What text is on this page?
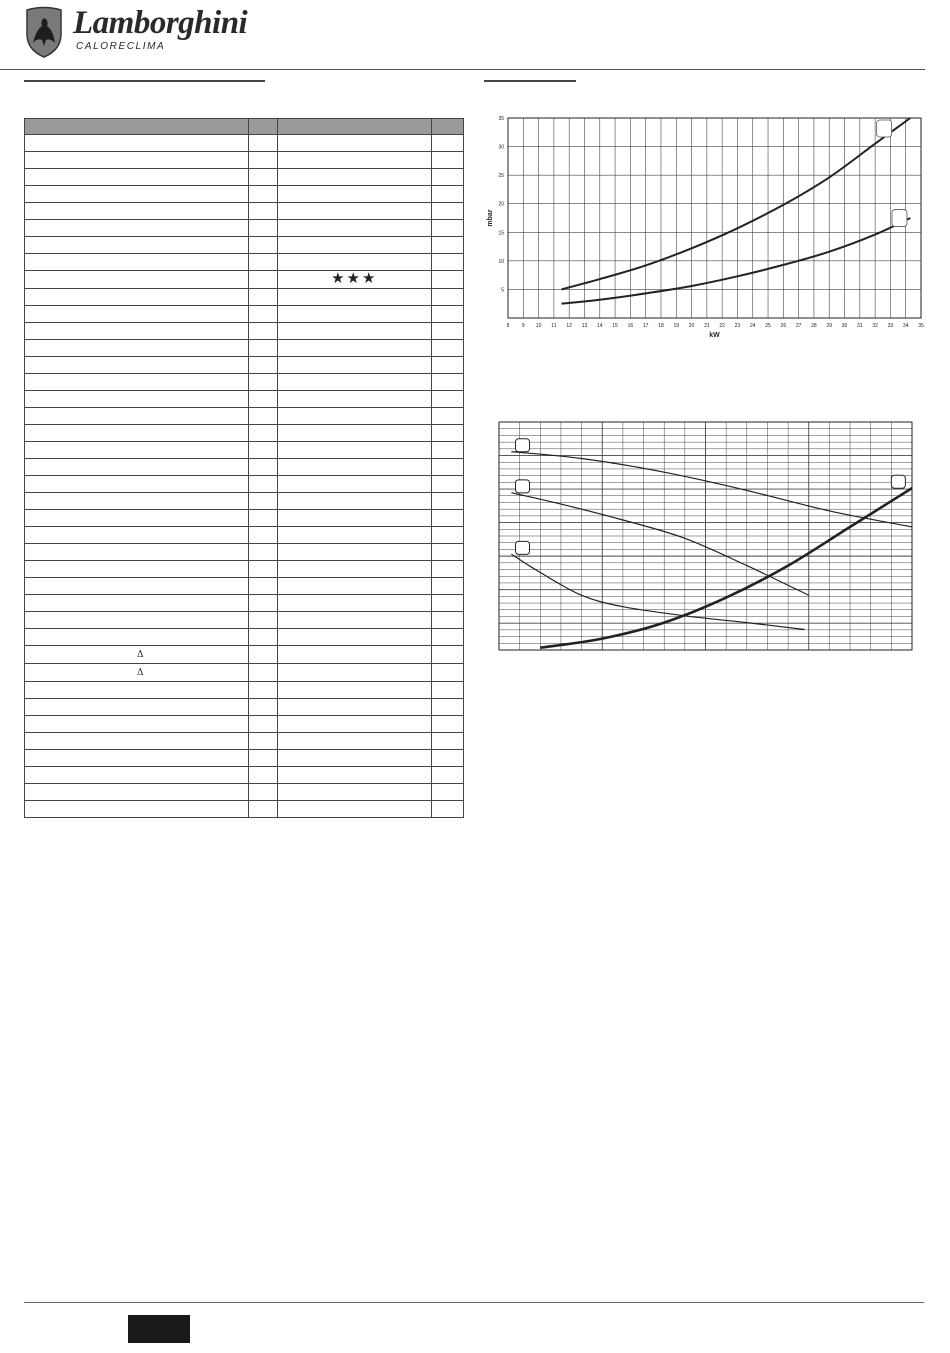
Lamborghini
CALORECLIMA

		★★★	

Δ			
Δ			

8	9 10 11 12 13 14 15 16 17 18 19 20 21 22 23 24 25 26 27 28 29 30 31 32 33 34 35
5
10
15
20
25
30
35
kW
mbar
